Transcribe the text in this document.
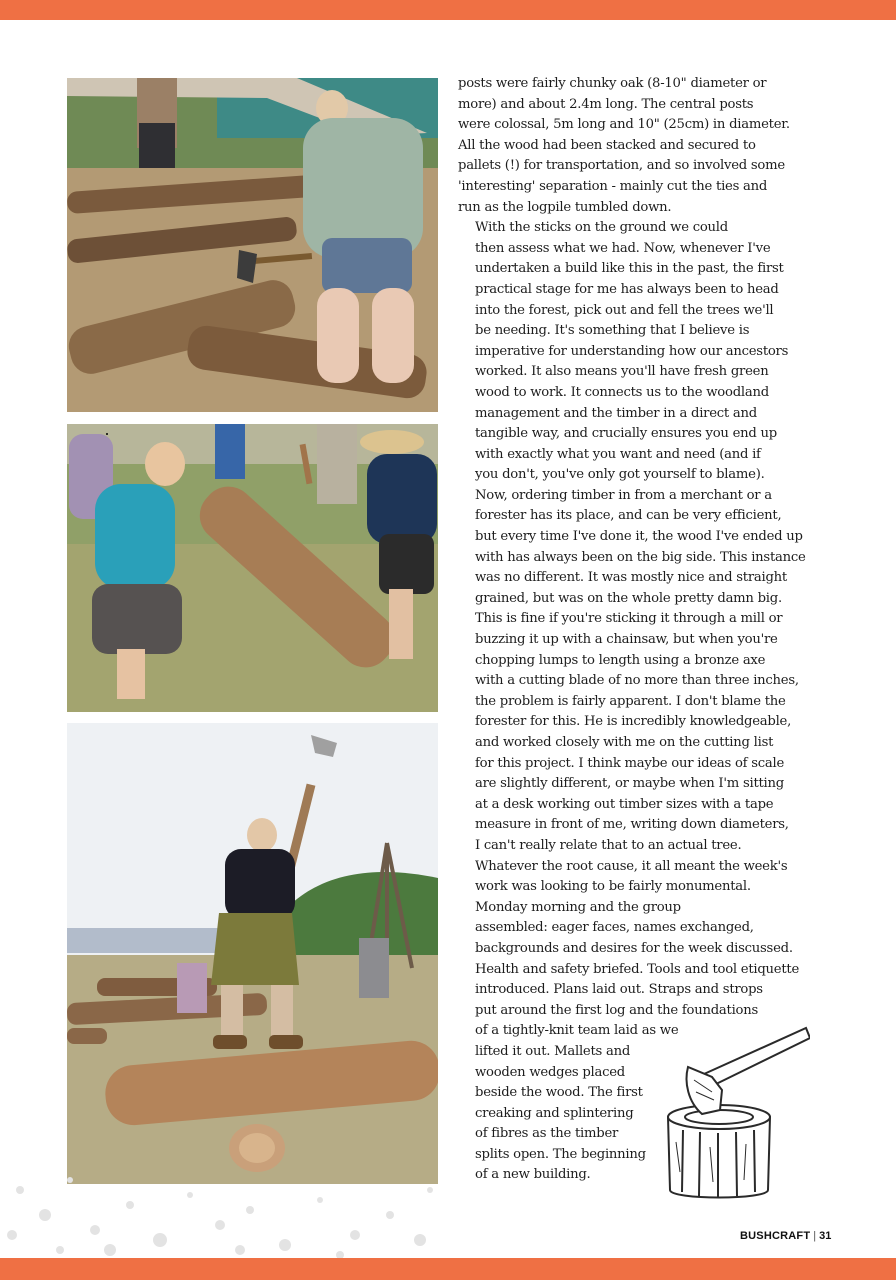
posts were fairly chunky oak (8-10" diameter or
more) and about 2.4m long. The central posts
were colossal, 5m long and 10" (25cm) in diameter.
All the wood had been stacked and secured to
pallets (!) for transportation, and so involved some
'interesting' separation - mainly cut the ties and
run as the logpile tumbled down.

With the sticks on the ground we could
then assess what we had. Now, whenever I've
undertaken a build like this in the past, the first
practical stage for me has always been to head
into the forest, pick out and fell the trees we'll
be needing. It's something that I believe is
imperative for understanding how our ancestors
worked. It also means you'll have fresh green
wood to work. It connects us to the woodland
management and the timber in a direct and
tangible way, and crucially ensures you end up
with exactly what you want and need (and if
you don't, you've only got yourself to blame).
Now, ordering timber in from a merchant or a
forester has its place, and can be very efficient,
but every time I've done it, the wood I've ended up
with has always been on the big side. This instance
was no different. It was mostly nice and straight
grained, but was on the whole pretty damn big.
This is fine if you're sticking it through a mill or
buzzing it up with a chainsaw, but when you're
chopping lumps to length using a bronze axe
with a cutting blade of no more than three inches,
the problem is fairly apparent. I don't blame the
forester for this. He is incredibly knowledgeable,
and worked closely with me on the cutting list
for this project. I think maybe our ideas of scale
are slightly different, or maybe when I'm sitting
at a desk working out timber sizes with a tape
measure in front of me, writing down diameters,
I can't really relate that to an actual tree.
Whatever the root cause, it all meant the week's
work was looking to be fairly monumental.

Monday morning and the group
assembled: eager faces, names exchanged,
backgrounds and desires for the week discussed.
Health and safety briefed. Tools and tool etiquette
introduced. Plans laid out. Straps and strops
put around the first log and the foundations
of a tightly-knit team laid as we
lifted it out. Mallets and
wooden wedges placed
beside the wood. The first
creaking and splintering
of fibres as the timber
splits open. The beginning
of a new building.

BUSHCRAFT | 31
